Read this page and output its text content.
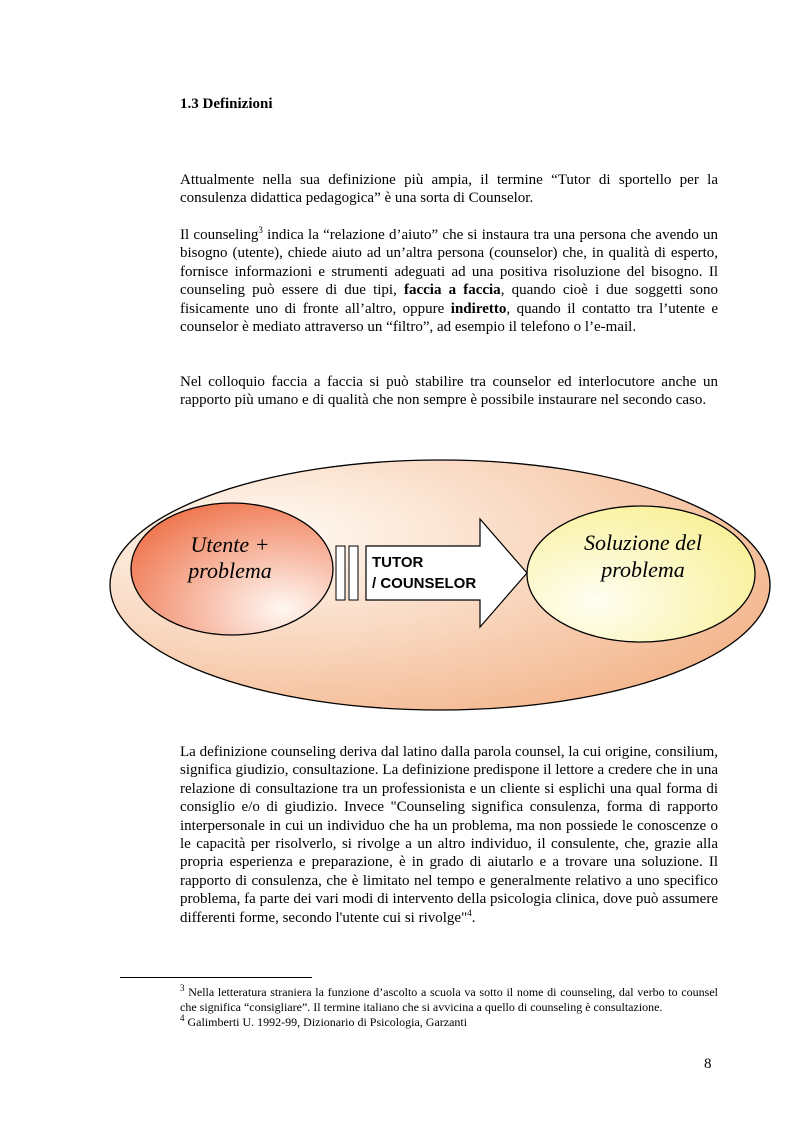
1.3 Definizioni

Attualmente nella sua definizione più ampia, il termine “Tutor di sportello per la consulenza didattica pedagogica” è una sorta di Counselor.

Il counseling$^3$ indica la “relazione d’aiuto” che si instaura tra una persona che avendo un bisogno (utente), chiede aiuto ad un’altra persona (counselor) che, in qualità di esperto, fornisce informazioni e strumenti adeguati ad una positiva risoluzione del bisogno. Il counseling può essere di due tipi, faccia a faccia, quando cioè i due soggetti sono fisicamente uno di fronte all’altro, oppure indiretto, quando il contatto tra l’utente e counselor è mediato attraverso un “filtro”, ad esempio il telefono o l’e-mail.

Nel colloquio faccia a faccia si può stabilire tra counselor ed interlocutore anche un rapporto più umano e di qualità che non sempre è possibile instaurare nel secondo caso.

Utente +
problema	TUTOR
/ COUNSELOR
Soluzione del
problema

La definizione counseling deriva dal latino dalla parola counsel, la cui origine, consilium, significa giudizio, consultazione. La definizione predispone il lettore a credere che in una relazione di consultazione tra un professionista e un cliente si esplichi una qual forma di consiglio e/o di giudizio. Invece "Counseling significa consulenza, forma di rapporto interpersonale in cui un individuo che ha un problema, ma non possiede le conoscenze o le capacità per risolverlo, si rivolge a un altro individuo, il consulente, che, grazie alla propria esperienza e preparazione, è in grado di aiutarlo e a trovare una soluzione. Il rapporto di consulenza, che è limitato nel tempo e generalmente relativo a uno specifico problema, fa parte dei vari modi di intervento della psicologia clinica, dove può assumere differenti forme, secondo l'utente cui si rivolge"$^4$.

$^3$ Nella letteratura straniera la funzione d’ascolto a scuola va sotto il nome di counseling, dal verbo to counsel che significa “consigliare”. Il termine italiano che si avvicina a quello di counseling è consultazione.

$^4$ Galimberti U. 1992-99, Dizionario di Psicologia, Garzanti

8
